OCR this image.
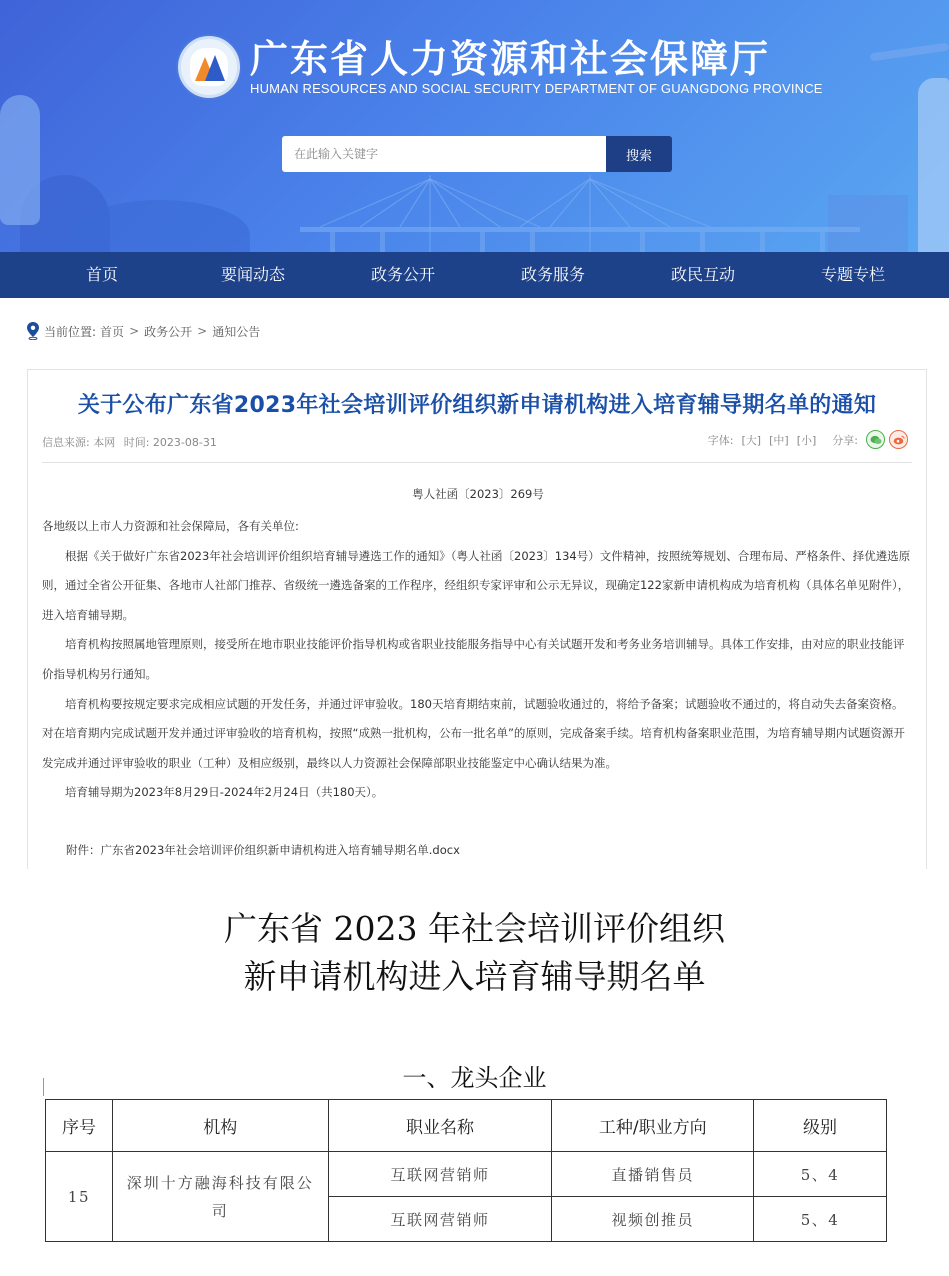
广东省人力资源和社会保障厅
HUMAN RESOURCES AND SOCIAL SECURITY DEPARTMENT OF GUANGDONG PROVINCE
在此输入关键字
搜索
首页	要闻动态	政务公开	政务服务	政民互动	专题专栏
当前位置: 首页 > 政务公开 > 通知公告
关于公布广东省2023年社会培训评价组织新申请机构进入培育辅导期名单的通知
信息来源: 本网 时间: 2023-08-31	字体: [大] [中] [小] 分享:
粤人社函〔2023〕269号
各地级以上市人力资源和社会保障局，各有关单位:
根据《关于做好广东省2023年社会培训评价组织培育辅导遴选工作的通知》（粤人社函〔2023〕134号）文件精神，按照统筹规划、合理布局、严格条件、择优遴选原则，通过全省公开征集、各地市人社部门推荐、省级统一遴选备案的工作程序，经组织专家评审和公示无异议，现确定122家新申请机构成为培育机构（具体名单见附件），进入培育辅导期。
培育机构按照属地管理原则，接受所在地市职业技能评价指导机构或省职业技能服务指导中心有关试题开发和考务业务培训辅导。具体工作安排，由对应的职业技能评价指导机构另行通知。
培育机构要按规定要求完成相应试题的开发任务，并通过评审验收。180天培育期结束前，试题验收通过的，将给予备案；试题验收不通过的，将自动失去备案资格。对在培育期内完成试题开发并通过评审验收的培育机构，按照“成熟一批机构，公布一批名单”的原则，完成备案手续。培育机构备案职业范围，为培育辅导期内试题资源开发完成并通过评审验收的职业（工种）及相应级别，最终以人力资源社会保障部职业技能鉴定中心确认结果为准。
培育辅导期为2023年8月29日-2024年2月24日（共180天）。
附件：广东省2023年社会培训评价组织新申请机构进入培育辅导期名单.docx
广东省 2023 年社会培训评价组织
新申请机构进入培育辅导期名单
一、龙头企业
序号	机构	职业名称	工种/职业方向	级别
15	深圳十方融海科技有限公司	互联网营销师	直播销售员	5、4
		互联网营销师	视频创推员	5、4
